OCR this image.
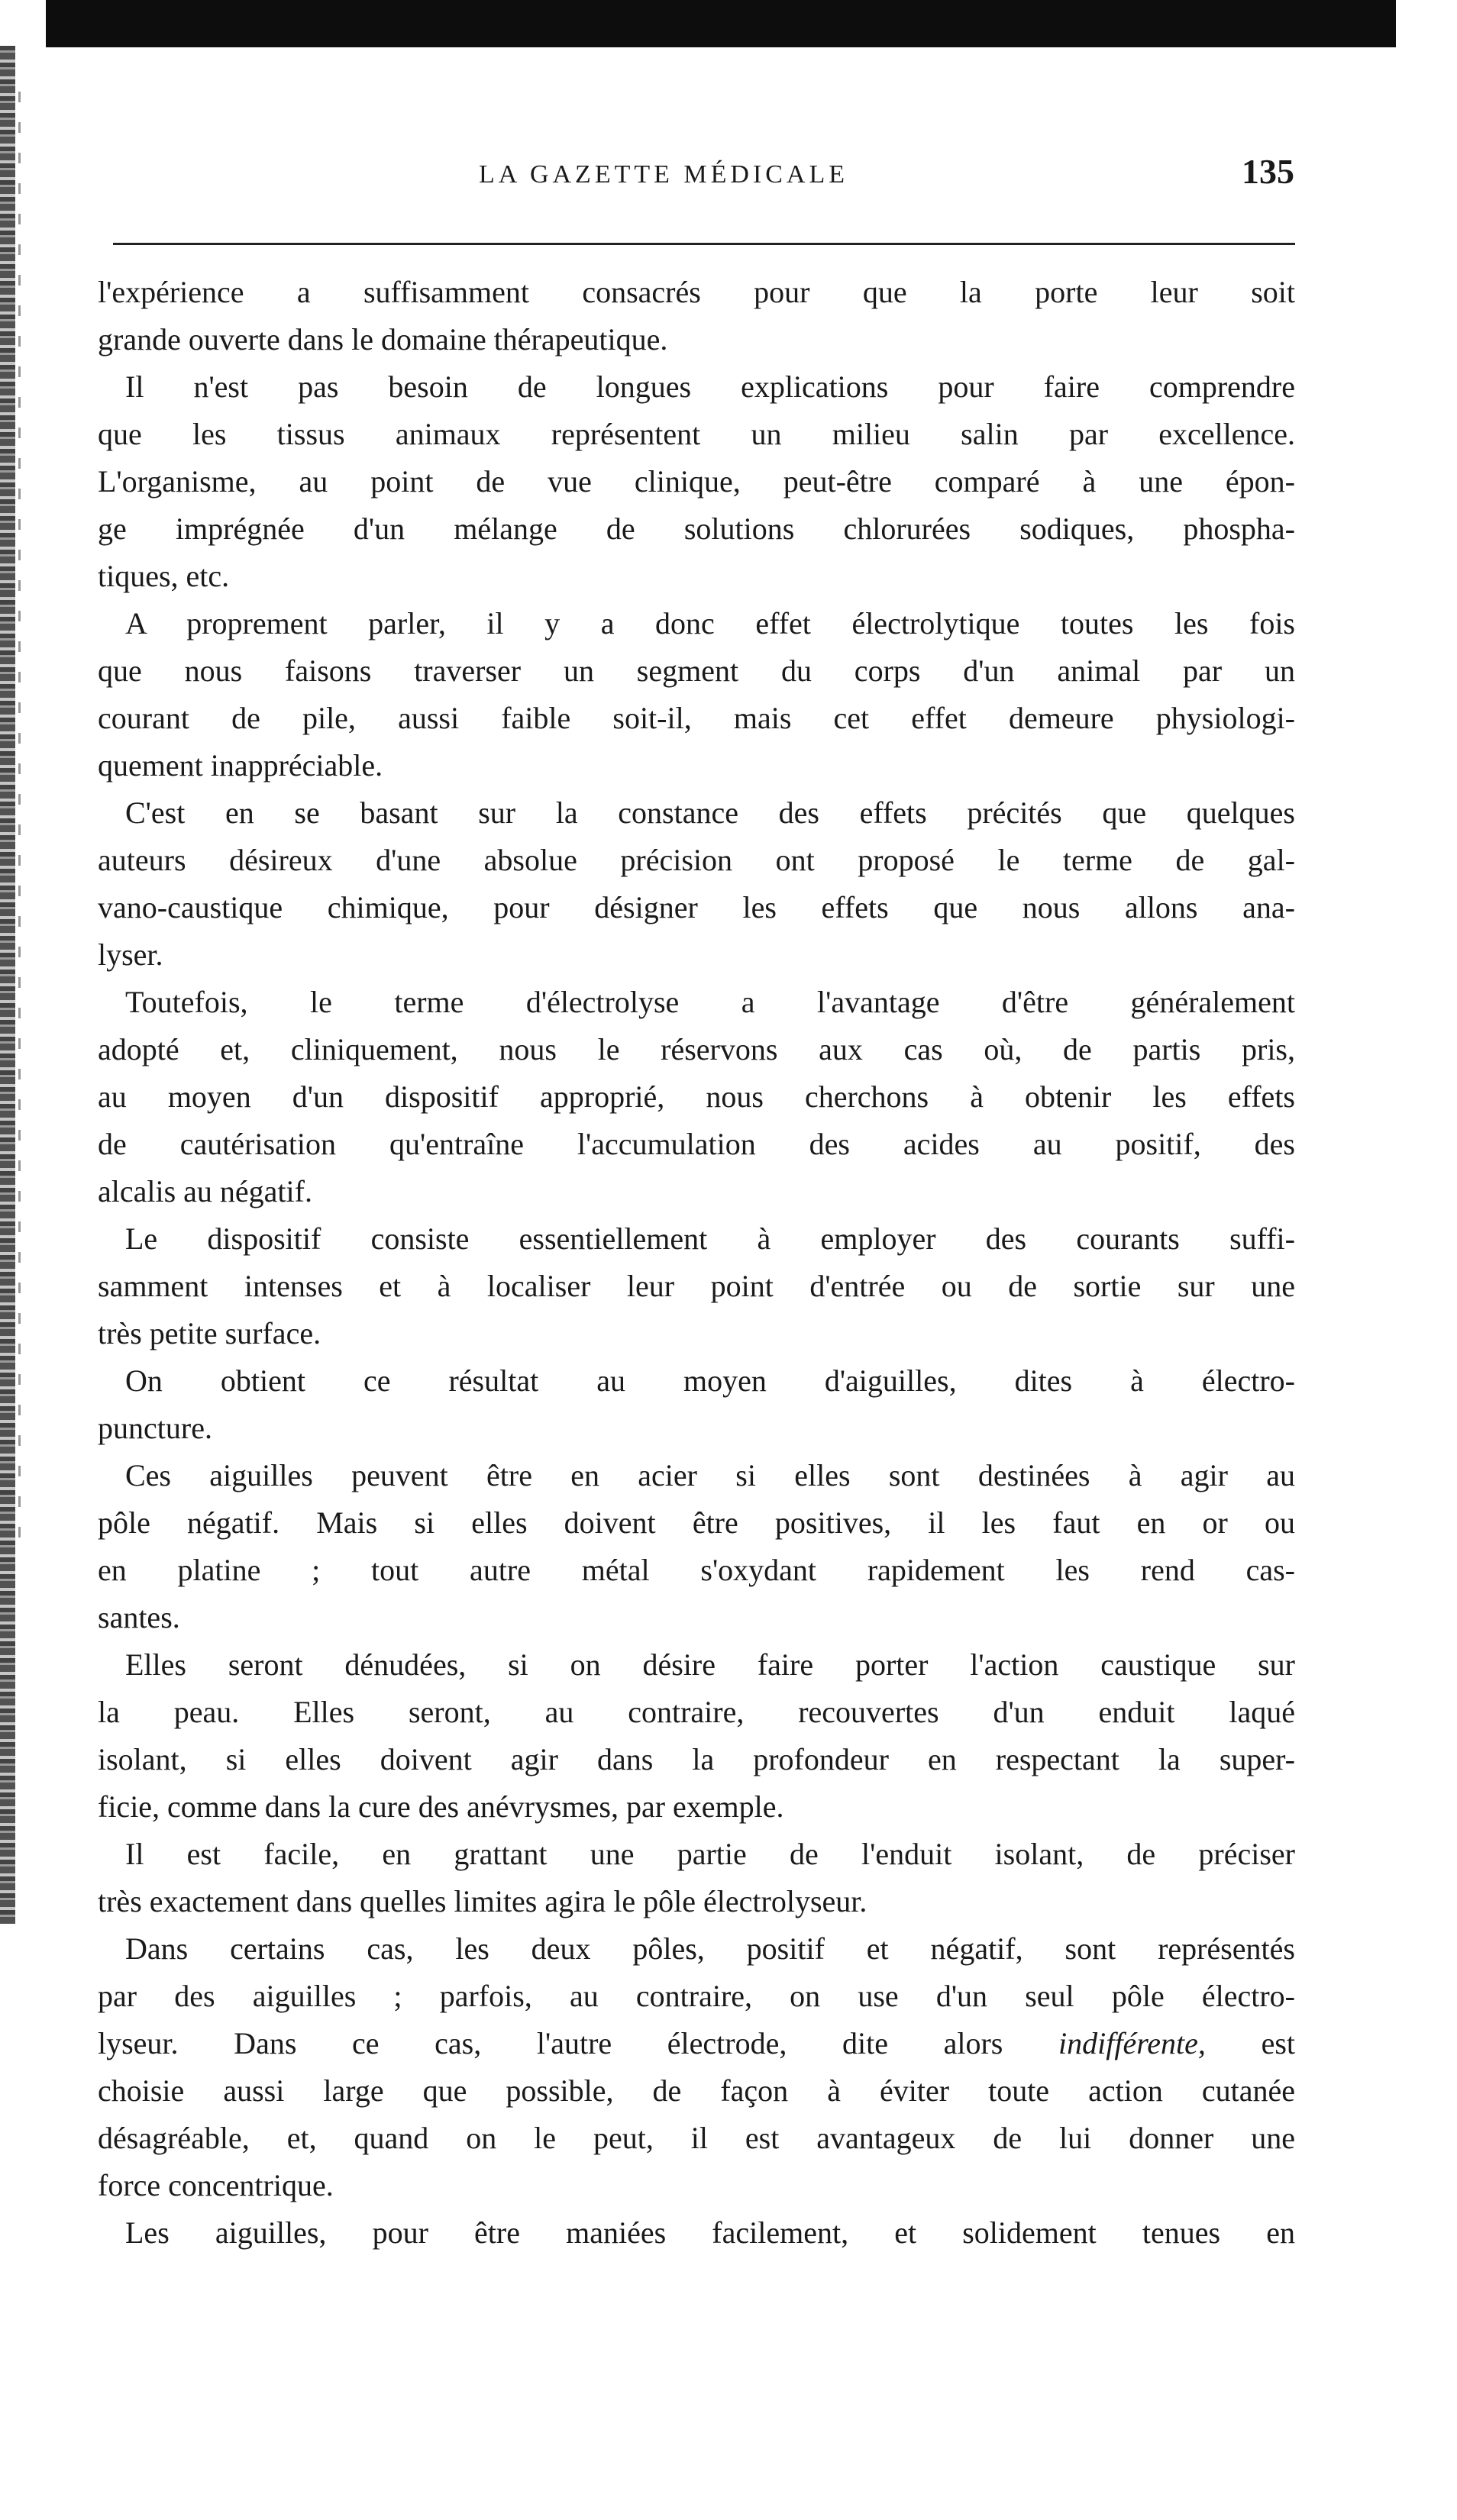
LA GAZETTE MÉDICALE	135
l'expérience a suffisamment consacrés pour que la porte leur soit
grande ouverte dans le domaine thérapeutique.
Il n'est pas besoin de longues explications pour faire comprendre
que les tissus animaux représentent un milieu salin par excellence.
L'organisme, au point de vue clinique, peut-être comparé à une épon-
ge imprégnée d'un mélange de solutions chlorurées sodiques, phospha-
tiques, etc.
A proprement parler, il y a donc effet électrolytique toutes les fois
que nous faisons traverser un segment du corps d'un animal par un
courant de pile, aussi faible soit-il, mais cet effet demeure physiologi-
quement inappréciable.
C'est en se basant sur la constance des effets précités que quelques
auteurs désireux d'une absolue précision ont proposé le terme de gal-
vano-caustique chimique, pour désigner les effets que nous allons ana-
lyser.
Toutefois, le terme d'électrolyse a l'avantage d'être généralement
adopté et, cliniquement, nous le réservons aux cas où, de partis pris,
au moyen d'un dispositif approprié, nous cherchons à obtenir les effets
de cautérisation qu'entraîne l'accumulation des acides au positif, des
alcalis au négatif.
Le dispositif consiste essentiellement à employer des courants suffi-
samment intenses et à localiser leur point d'entrée ou de sortie sur une
très petite surface.
On obtient ce résultat au moyen d'aiguilles, dites à électro-
puncture.
Ces aiguilles peuvent être en acier si elles sont destinées à agir au
pôle négatif. Mais si elles doivent être positives, il les faut en or ou
en platine ; tout autre métal s'oxydant rapidement les rend cas-
santes.
Elles seront dénudées, si on désire faire porter l'action caustique sur
la peau. Elles seront, au contraire, recouvertes d'un enduit laqué
isolant, si elles doivent agir dans la profondeur en respectant la super-
ficie, comme dans la cure des anévrysmes, par exemple.
Il est facile, en grattant une partie de l'enduit isolant, de préciser
très exactement dans quelles limites agira le pôle électrolyseur.
Dans certains cas, les deux pôles, positif et négatif, sont représentés
par des aiguilles ; parfois, au contraire, on use d'un seul pôle électro-
lyseur. Dans ce cas, l'autre électrode, dite alors indifférente, est
choisie aussi large que possible, de façon à éviter toute action cutanée
désagréable, et, quand on le peut, il est avantageux de lui donner une
force concentrique.
Les aiguilles, pour être maniées facilement, et solidement tenues en
